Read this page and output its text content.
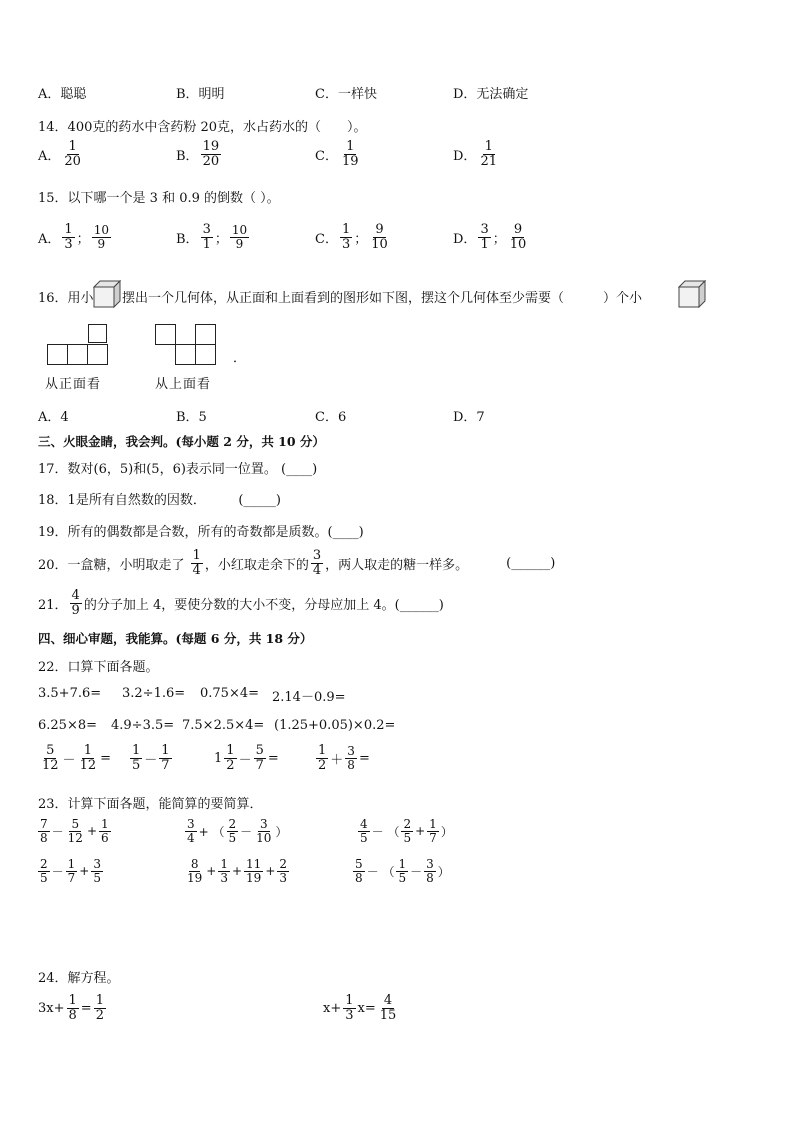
A．聪聪	B．明明	C．一样快	D．无法确定
14．400克的药水中含药粉 20克，水占药水的（　　）。
A． $\frac{1}{20}$	B． $\frac{19}{20}$	C． $\frac{1}{19}$	D． $\frac{1}{21}$
15．以下哪一个是 3 和 0.9 的倒数（ ）。
A． $\frac{1}{3}$ ； $\frac{10}{9}$	B． $\frac{3}{1}$ ； $\frac{10}{9}$	C． $\frac{1}{3}$ ； $\frac{9}{10}$	D． $\frac{3}{1}$ ； $\frac{9}{10}$
16．用小 摆出一个几何体，从正面和上面看到的图形如下图，摆这个几何体至少需要（　　　）个小
．
从正面看	从上面看
A．4	B．5	C．6	D．7
三、火眼金睛，我会判。(每小题 2 分，共 10 分）
17．数对(6，5)和(5，6)表示同一位置。 (____)
18．1是所有自然数的因数．　　　(_____)
19．所有的偶数都是合数，所有的奇数都是质数。(____)
20．一盒糖，小明取走了 $\frac{1}{4}$ ，小红取走余下的 $\frac{3}{4}$ ，两人取走的糖一样多。	(______)
21． $\frac{4}{9}$ 的分子加上 4，要使分数的大小不变，分母应加上 4。(______)
四、细心审题，我能算。(每题 6 分，共 18 分）
22．口算下面各题。
3.5+7.6= 3.2÷1.6= 0.75×4= 2.14－0.9=
6.25×8= 4.9÷3.5= 7.5×2.5×4= (1.25+0.05)×0.2=
$\frac{5}{12} - \frac{1}{12} = \frac{1}{5} - \frac{1}{7}$	$1 \frac{1}{2} - \frac{5}{7}$ =	$\frac{1}{2} + \frac{3}{8}$ =
23．计算下面各题，能简算的要简算．
$\frac{7}{8} - \frac{5}{12} + \frac{1}{6}$	$\frac{3}{4}$ + （ $\frac{2}{5} - \frac{3}{10}$ ）	$\frac{4}{5}$ － （ $\frac{2}{5} + \frac{1}{7}$ ）
$\frac{2}{5} - \frac{1}{7} + \frac{3}{5}$	$\frac{8}{19} + \frac{1}{3} + \frac{11}{19} + \frac{2}{3}$	$\frac{5}{8}$ － （ $\frac{1}{5} - \frac{3}{8}$ ）
24．解方程。
$3x+ \frac{1}{8} = \frac{1}{2}$	$x+ \frac{1}{3} x= \frac{4}{15}$
